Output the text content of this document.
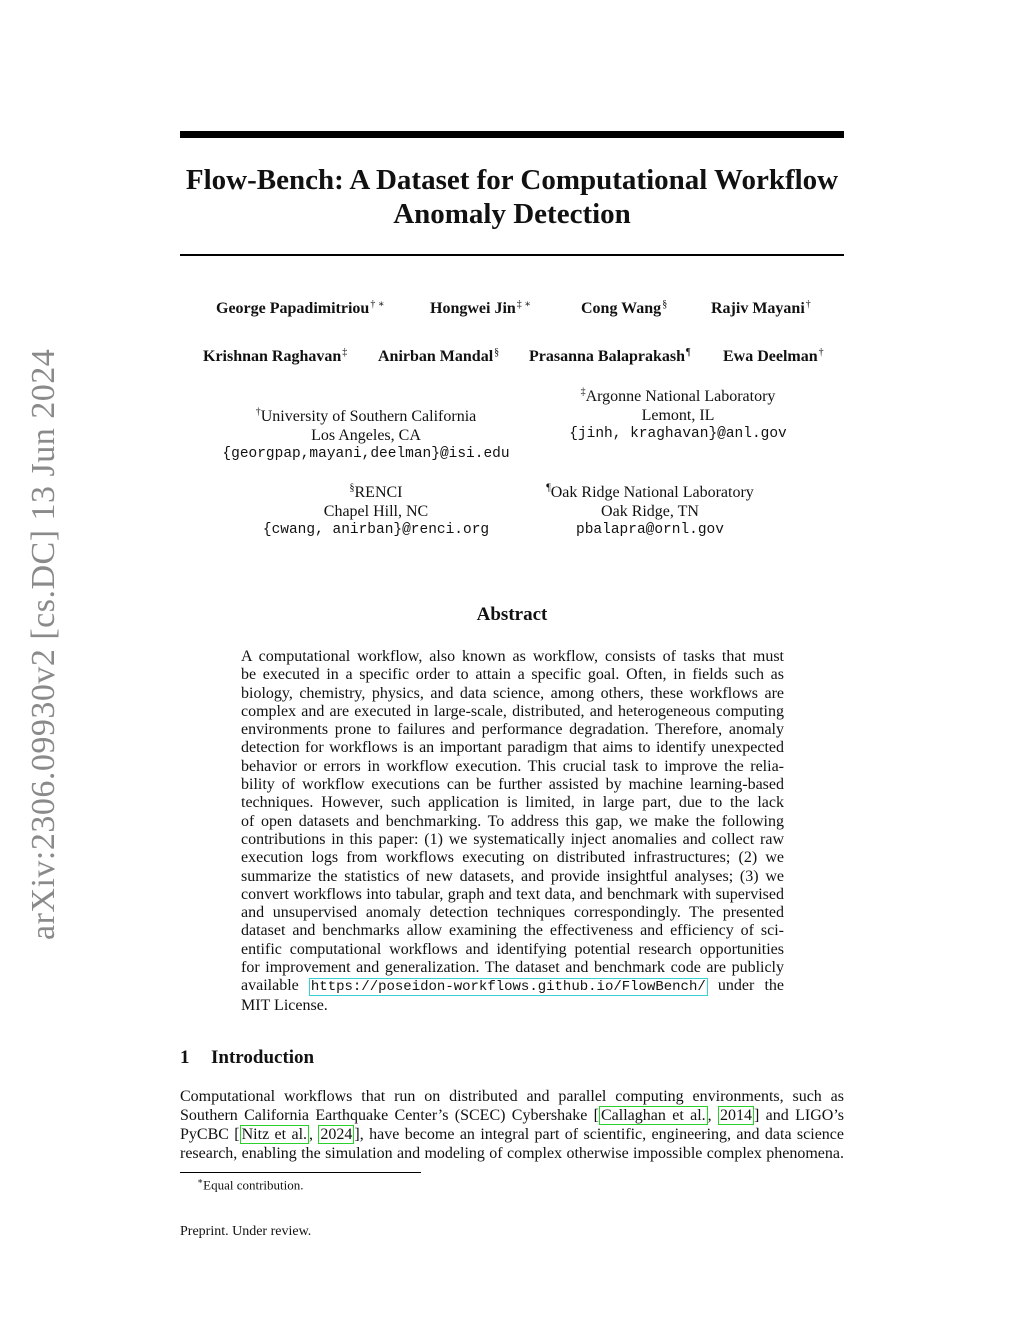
arXiv:2306.09930v2 [cs.DC] 13 Jun 2024
Flow-Bench: A Dataset for Computational Workflow
Anomaly Detection
George Papadimitriou† ∗	Hongwei Jin‡ ∗	Cong Wang§	Rajiv Mayani†
Krishnan Raghavan‡ Anirban Mandal§ Prasanna Balaprakash¶ Ewa Deelman†
†University of Southern California
Los Angeles, CA
{georgpap,mayani,deelman}@isi.edu
‡Argonne National Laboratory
Lemont, IL
{jinh, kraghavan}@anl.gov
§RENCI
Chapel Hill, NC
{cwang, anirban}@renci.org
¶Oak Ridge National Laboratory
Oak Ridge, TN
pbalapra@ornl.gov
Abstract
A computational workflow, also known as workflow, consists of tasks that must
be executed in a specific order to attain a specific goal. Often, in fields such as
biology, chemistry, physics, and data science, among others, these workflows are
complex and are executed in large-scale, distributed, and heterogeneous computing
environments prone to failures and performance degradation. Therefore, anomaly
detection for workflows is an important paradigm that aims to identify unexpected
behavior or errors in workflow execution. This crucial task to improve the relia-
bility of workflow executions can be further assisted by machine learning-based
techniques. However, such application is limited, in large part, due to the lack
of open datasets and benchmarking. To address this gap, we make the following
contributions in this paper: (1) we systematically inject anomalies and collect raw
execution logs from workflows executing on distributed infrastructures; (2) we
summarize the statistics of new datasets, and provide insightful analyses; (3) we
convert workflows into tabular, graph and text data, and benchmark with supervised
and unsupervised anomaly detection techniques correspondingly. The presented
dataset and benchmarks allow examining the effectiveness and efficiency of sci-
entific computational workflows and identifying potential research opportunities
for improvement and generalization. The dataset and benchmark code are publicly
available https://poseidon-workflows.github.io/FlowBench/ under the
MIT License.
1 Introduction
Computational workflows that run on distributed and parallel computing environments, such as
Southern California Earthquake Center’s (SCEC) Cybershake [ Callaghan et al. , 2014 ] and LIGO’s
PyCBC [ Nitz et al. , 2024 ], have become an integral part of scientific, engineering, and data science
research, enabling the simulation and modeling of complex otherwise impossible complex phenomena.
∗Equal contribution.
Preprint. Under review.
